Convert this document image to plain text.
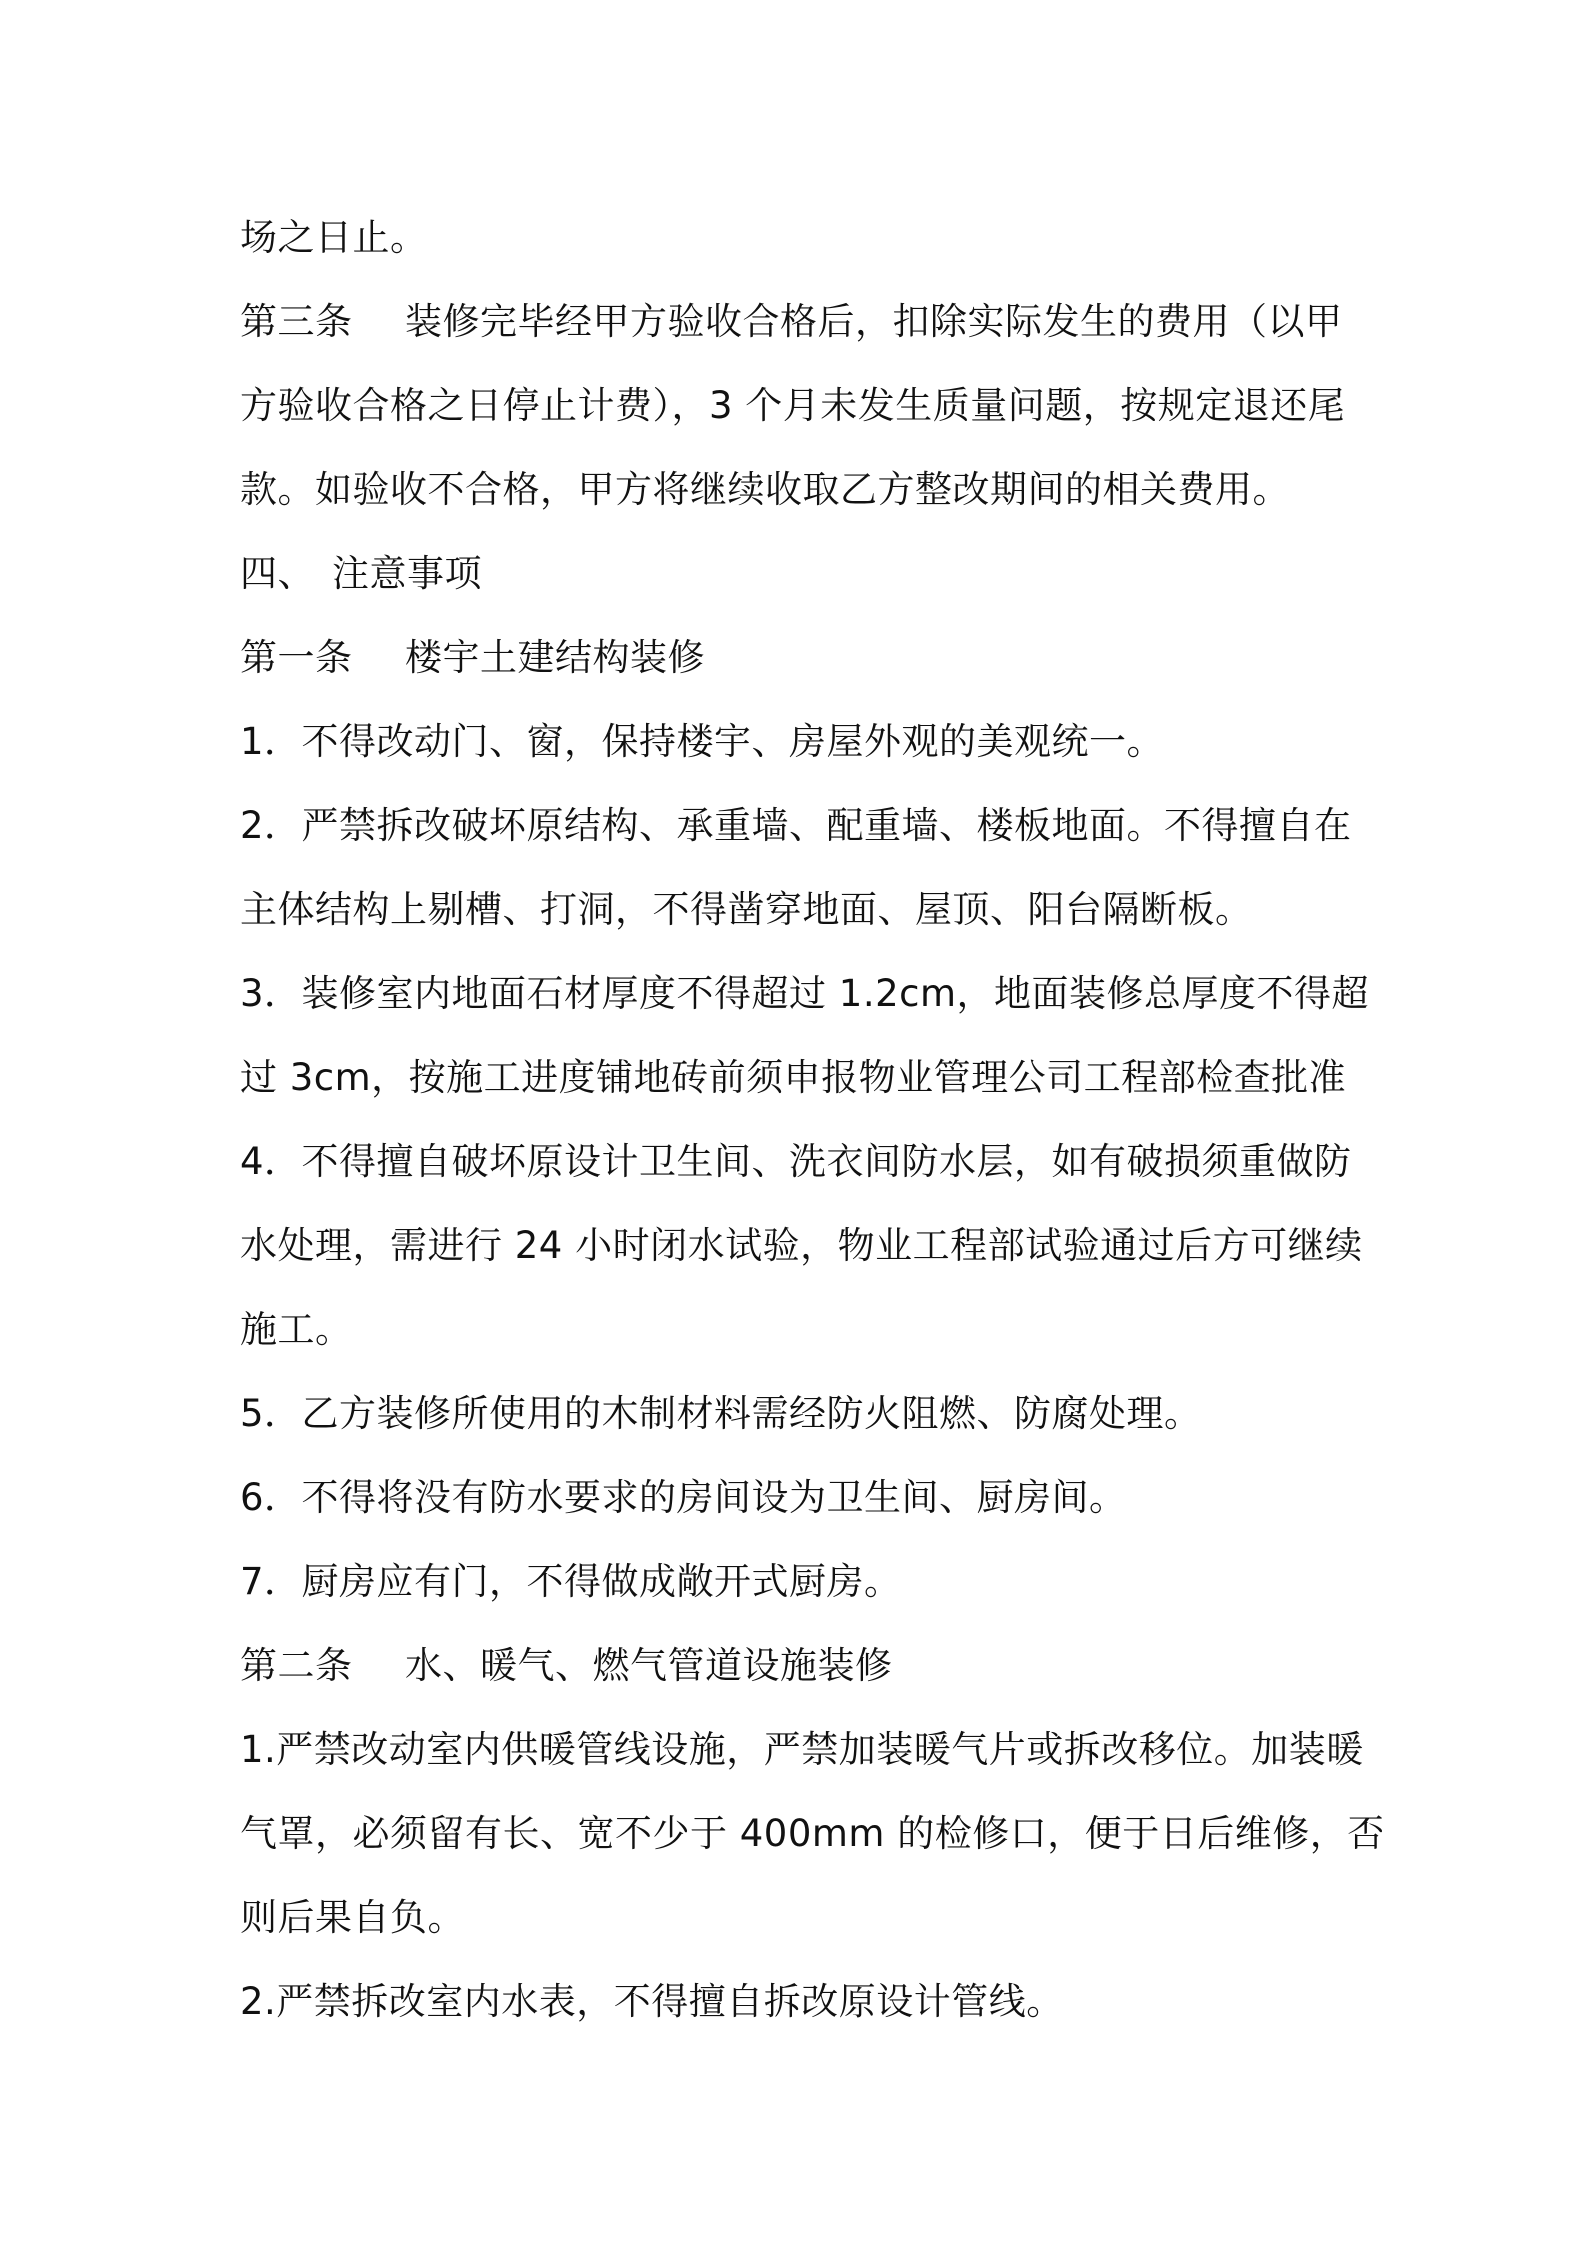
场之日止。
第三条 装修完毕经甲方验收合格后，扣除实际发生的费用（以甲
方验收合格之日停止计费），3 个月未发生质量问题，按规定退还尾
款。如验收不合格，甲方将继续收取乙方整改期间的相关费用。
四、 注意事项
第一条 楼宇土建结构装修
1．不得改动门、窗，保持楼宇、房屋外观的美观统一。
2．严禁拆改破坏原结构、承重墙、配重墙、楼板地面。不得擅自在
主体结构上剔槽、打洞，不得凿穿地面、屋顶、阳台隔断板。
3．装修室内地面石材厚度不得超过 1.2cm，地面装修总厚度不得超
过 3cm，按施工进度铺地砖前须申报物业管理公司工程部检查批准
4．不得擅自破坏原设计卫生间、洗衣间防水层，如有破损须重做防
水处理，需进行 24 小时闭水试验，物业工程部试验通过后方可继续
施工。
5．乙方装修所使用的木制材料需经防火阻燃、防腐处理。
6．不得将没有防水要求的房间设为卫生间、厨房间。
7．厨房应有门，不得做成敞开式厨房。
第二条 水、暖气、燃气管道设施装修
1.严禁改动室内供暖管线设施，严禁加装暖气片或拆改移位。加装暖
气罩，必须留有长、宽不少于 400mm 的检修口，便于日后维修，否
则后果自负。
2.严禁拆改室内水表，不得擅自拆改原设计管线。
